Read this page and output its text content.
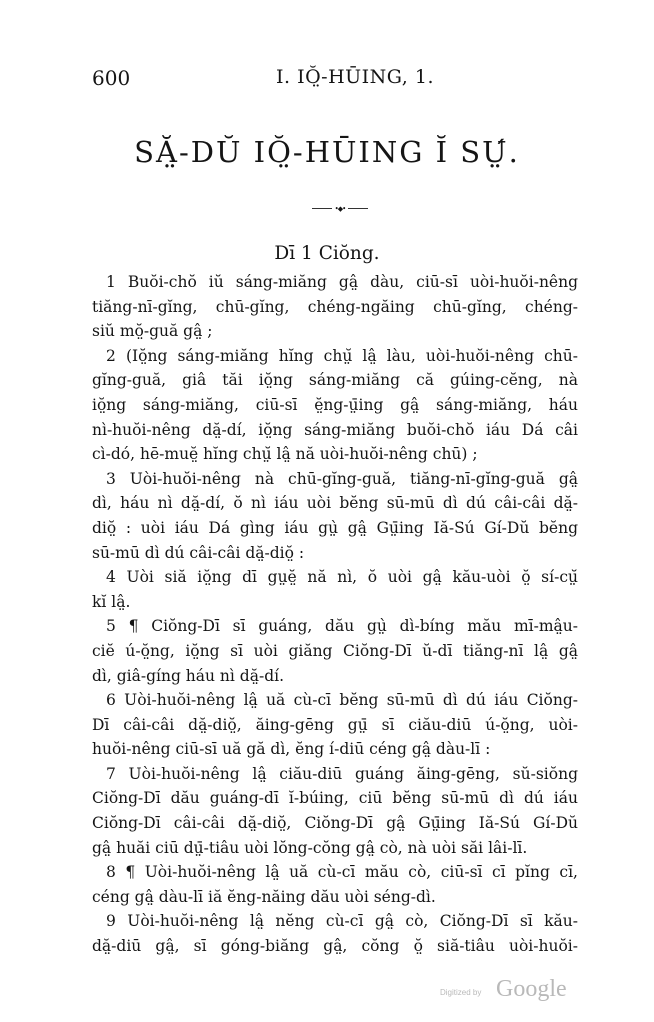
600	I. IŎ̤-HŪING, 1.
SĂ̤-DŬ IŎ̤-HŪING Ĭ SṲ́.
•◆•
Dī 1 Ciŏng.
1 Buŏi-chŏ iŭ sáng-miăng gâ̤ dàu, ciū-sī uòi-huŏi-nêng
tiăng-nī-gĭng, chū-gĭng, chéng-ngăing chū-gĭng, chéng-
siŭ mŏ̤-guă gâ̤ ;
2 (Iŏ̤ng sáng-miăng hĭng chṳ̆ lâ̤ làu, uòi-huŏi-nêng chū-
gĭng-guă, giâ tăi iŏ̤ng sáng-miăng că gúing-cĕng, nà
iŏ̤ng sáng-miăng, ciū-sī ĕ̤ng-ṳ̄ing gâ̤ sáng-miăng, háu
nì-huŏi-nêng dă̤-dí, iŏ̤ng sáng-miăng buŏi-chŏ iáu Dá câi
cì-dó, hē-muĕ̤ hĭng chṳ̆ lâ̤ nă uòi-huŏi-nêng chū) ;
3 Uòi-huŏi-nêng nà chū-gĭng-guă, tiăng-nī-gĭng-guă gâ̤
dì, háu nì dă̤-dí, ŏ nì iáu uòi bĕng sū-mū dì dú câi-câi dă̤-
diŏ̤ : uòi iáu Dá gìng iáu gṳ̀ gâ̤ Gṳ̄ing Iă-Sú Gí-Dŭ bĕng
sū-mū dì dú câi-câi dă̤-diŏ̤ :
4 Uòi siă iŏ̤ng dī gṳĕ̤ nă nì, ŏ uòi gâ̤ kău-uòi ŏ̤ sí-cṳ̆
kĭ lâ̤.
5 ¶ Ciŏng-Dī sī guáng, dău gṳ̀ dì-bíng mău mī-mâ̤u-
ciĕ ú-ŏ̤ng, iŏ̤ng sī uòi giăng Ciŏng-Dī ŭ-dī tiăng-nī lâ̤ gâ̤
dì, giâ-gíng háu nì dă̤-dí.
6 Uòi-huŏi-nêng lâ̤ uă cù-cī bĕng sū-mū dì dú iáu Ciŏng-
Dī câi-câi dă̤-diŏ̤, ăing-gēng gṳ̄ sī ciău-diū ú-ŏ̤ng, uòi-
huŏi-nêng ciū-sī uă gă dì, ĕng í-diū céng gâ̤ dàu-lī :
7 Uòi-huŏi-nêng lâ̤ ciău-diū guáng ăing-gēng, sŭ-siŏng
Ciŏng-Dī dău guáng-dī ĭ-búing, ciū bĕng sū-mū dì dú iáu
Ciŏng-Dī câi-câi dă̤-diŏ̤, Ciŏng-Dī gâ̤ Gṳ̄ing Iă-Sú Gí-Dŭ
gâ̤ huăi ciū dṳ̄-tiâu uòi lŏng-cŏng gâ̤ cò, nà uòi săi lâi-lī.
8 ¶ Uòi-huŏi-nêng lâ̤ uă cù-cī mău cò, ciū-sī cī pĭng cī,
céng gâ̤ dàu-lī iă ĕng-năing dău uòi séng-dì.
9 Uòi-huŏi-nêng lâ̤ nĕng cù-cī gâ̤ cò, Ciŏng-Dī sī kău-
dă̤-diū gâ̤, sī góng-biăng gâ̤, cŏng ŏ̤ siă-tiâu uòi-huŏi-
Digitized by Google
